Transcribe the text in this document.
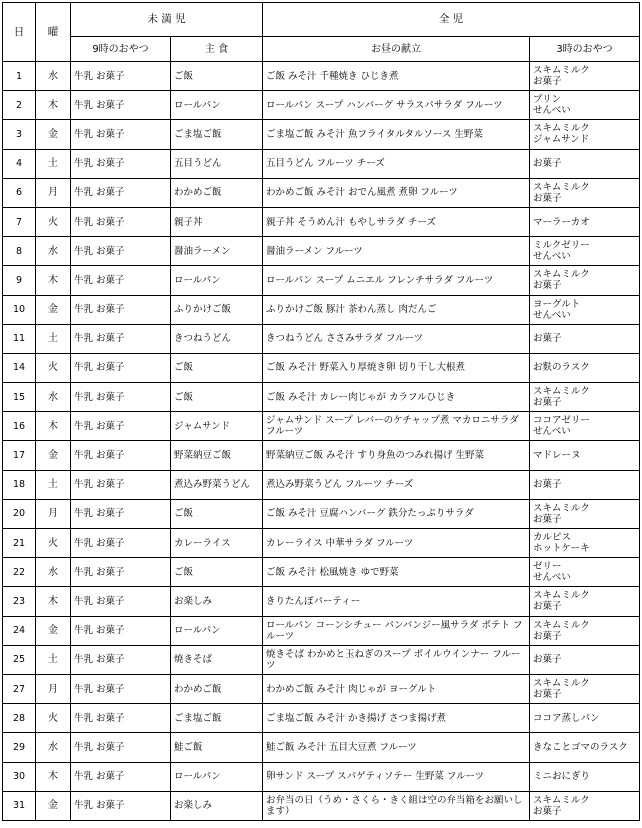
日	曜	未 満 児		全 児	
		9時のおやつ	主 食	お昼の献立	3時のおやつ
1	水	牛乳 お菓子	ご飯	ご飯 みそ汁 千種焼き ひじき煮	スキムミルク
お菓子
2	木	牛乳 お菓子	ロールパン	ロールパン スープ ハンバーグ サラスパサラダ フルーツ	プリン
せんべい
3	金	牛乳 お菓子	ごま塩ご飯	ごま塩ご飯 みそ汁 魚フライタルタルソース 生野菜	スキムミルク
ジャムサンド
4	土	牛乳 お菓子	五目うどん	五目うどん フルーツ チーズ	お菓子
6	月	牛乳 お菓子	わかめご飯	わかめご飯 みそ汁 おでん風煮 煮卵 フルーツ	スキムミルク
お菓子
7	火	牛乳 お菓子	親子丼	親子丼 そうめん汁 もやしサラダ チーズ	マーラーカオ
8	水	牛乳 お菓子	醤油ラーメン	醤油ラーメン フルーツ	ミルクゼリー
せんべい
9	木	牛乳 お菓子	ロールパン	ロールパン スープ ムニエル フレンチサラダ フルーツ	スキムミルク
お菓子
10	金	牛乳 お菓子	ふりかけご飯	ふりかけご飯 豚汁 茶わん蒸し 肉だんご	ヨーグルト
せんべい
11	土	牛乳 お菓子	きつねうどん	きつねうどん ささみサラダ フルーツ	お菓子
14	火	牛乳 お菓子	ご飯	ご飯 みそ汁 野菜入り厚焼き卵 切り干し大根煮	お麩のラスク
15	水	牛乳 お菓子	ご飯	ご飯 みそ汁 カレー肉じゃが カラフルひじき	スキムミルク
お菓子
16	木	牛乳 お菓子	ジャムサンド	ジャムサンド スープ レバーのケチャップ煮 マカロニサラダ フルーツ	ココアゼリー
せんべい
17	金	牛乳 お菓子	野菜納豆ご飯	野菜納豆ご飯 みそ汁 すり身魚のつみれ揚げ 生野菜	マドレーヌ
18	土	牛乳 お菓子	煮込み野菜うどん	煮込み野菜うどん フルーツ チーズ	お菓子
20	月	牛乳 お菓子	ご飯	ご飯 みそ汁 豆腐ハンバーグ 鉄分たっぷりサラダ	スキムミルク
お菓子
21	火	牛乳 お菓子	カレーライス	カレーライス 中華サラダ フルーツ	カルピス
ホットケーキ
22	水	牛乳 お菓子	ご飯	ご飯 みそ汁 松風焼き ゆで野菜	ゼリー
せんべい
23	木	牛乳 お菓子	お楽しみ	きりたんぽパーティー	スキムミルク
お菓子
24	金	牛乳 お菓子	ロールパン	ロールパン コーンシチュー バンバンジー風サラダ ポテト フルーツ	スキムミルク
お菓子
25	土	牛乳 お菓子	焼きそば	焼きそば わかめと玉ねぎのスープ ボイルウインナー フルーツ	お菓子
27	月	牛乳 お菓子	わかめご飯	わかめご飯 みそ汁 肉じゃが ヨーグルト	スキムミルク
お菓子
28	火	牛乳 お菓子	ごま塩ご飯	ごま塩ご飯 みそ汁 かき揚げ さつま揚げ煮	ココア蒸しパン
29	水	牛乳 お菓子	鮭ご飯	鮭ご飯 みそ汁 五目大豆煮 フルーツ	きなことゴマのラスク
30	木	牛乳 お菓子	ロールパン	卵サンド スープ スパゲティソテー 生野菜 フルーツ	ミニおにぎり
31	金	牛乳 お菓子	お楽しみ	お弁当の日（うめ・さくら・きく組は空の弁当箱をお願いします）	スキムミルク
お菓子
